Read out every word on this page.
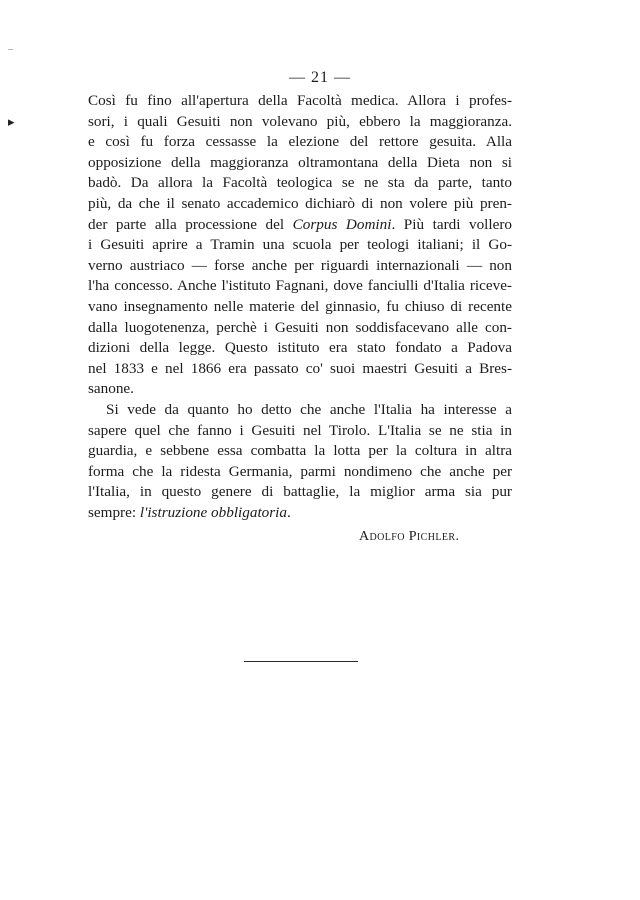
–
▸
— 21 —
Così fu fino all'apertura della Facoltà medica. Allora i profes-
sori, i quali Gesuiti non volevano più, ebbero la maggioranza.
e così fu forza cessasse la elezione del rettore gesuita. Alla
opposizione della maggioranza oltramontana della Dieta non si
badò. Da allora la Facoltà teologica se ne sta da parte, tanto
più, da che il senato accademico dichiarò di non volere più pren-
der parte alla processione del Corpus Domini. Più tardi vollero
i Gesuiti aprire a Tramin una scuola per teologi italiani; il Go-
verno austriaco — forse anche per riguardi internazionali — non
l'ha concesso. Anche l'istituto Fagnani, dove fanciulli d'Italia riceve-
vano insegnamento nelle materie del ginnasio, fu chiuso di recente
dalla luogotenenza, perchè i Gesuiti non soddisfacevano alle con-
dizioni della legge. Questo istituto era stato fondato a Padova
nel 1833 e nel 1866 era passato co' suoi maestri Gesuiti a Bres-
sanone.
Si vede da quanto ho detto che anche l'Italia ha interesse a
sapere quel che fanno i Gesuiti nel Tirolo. L'Italia se ne stia in
guardia, e sebbene essa combatta la lotta per la coltura in altra
forma che la ridesta Germania, parmi nondimeno che anche per
l'Italia, in questo genere di battaglie, la miglior arma sia pur
sempre: l'istruzione obbligatoria.
Adolfo Pichler.
